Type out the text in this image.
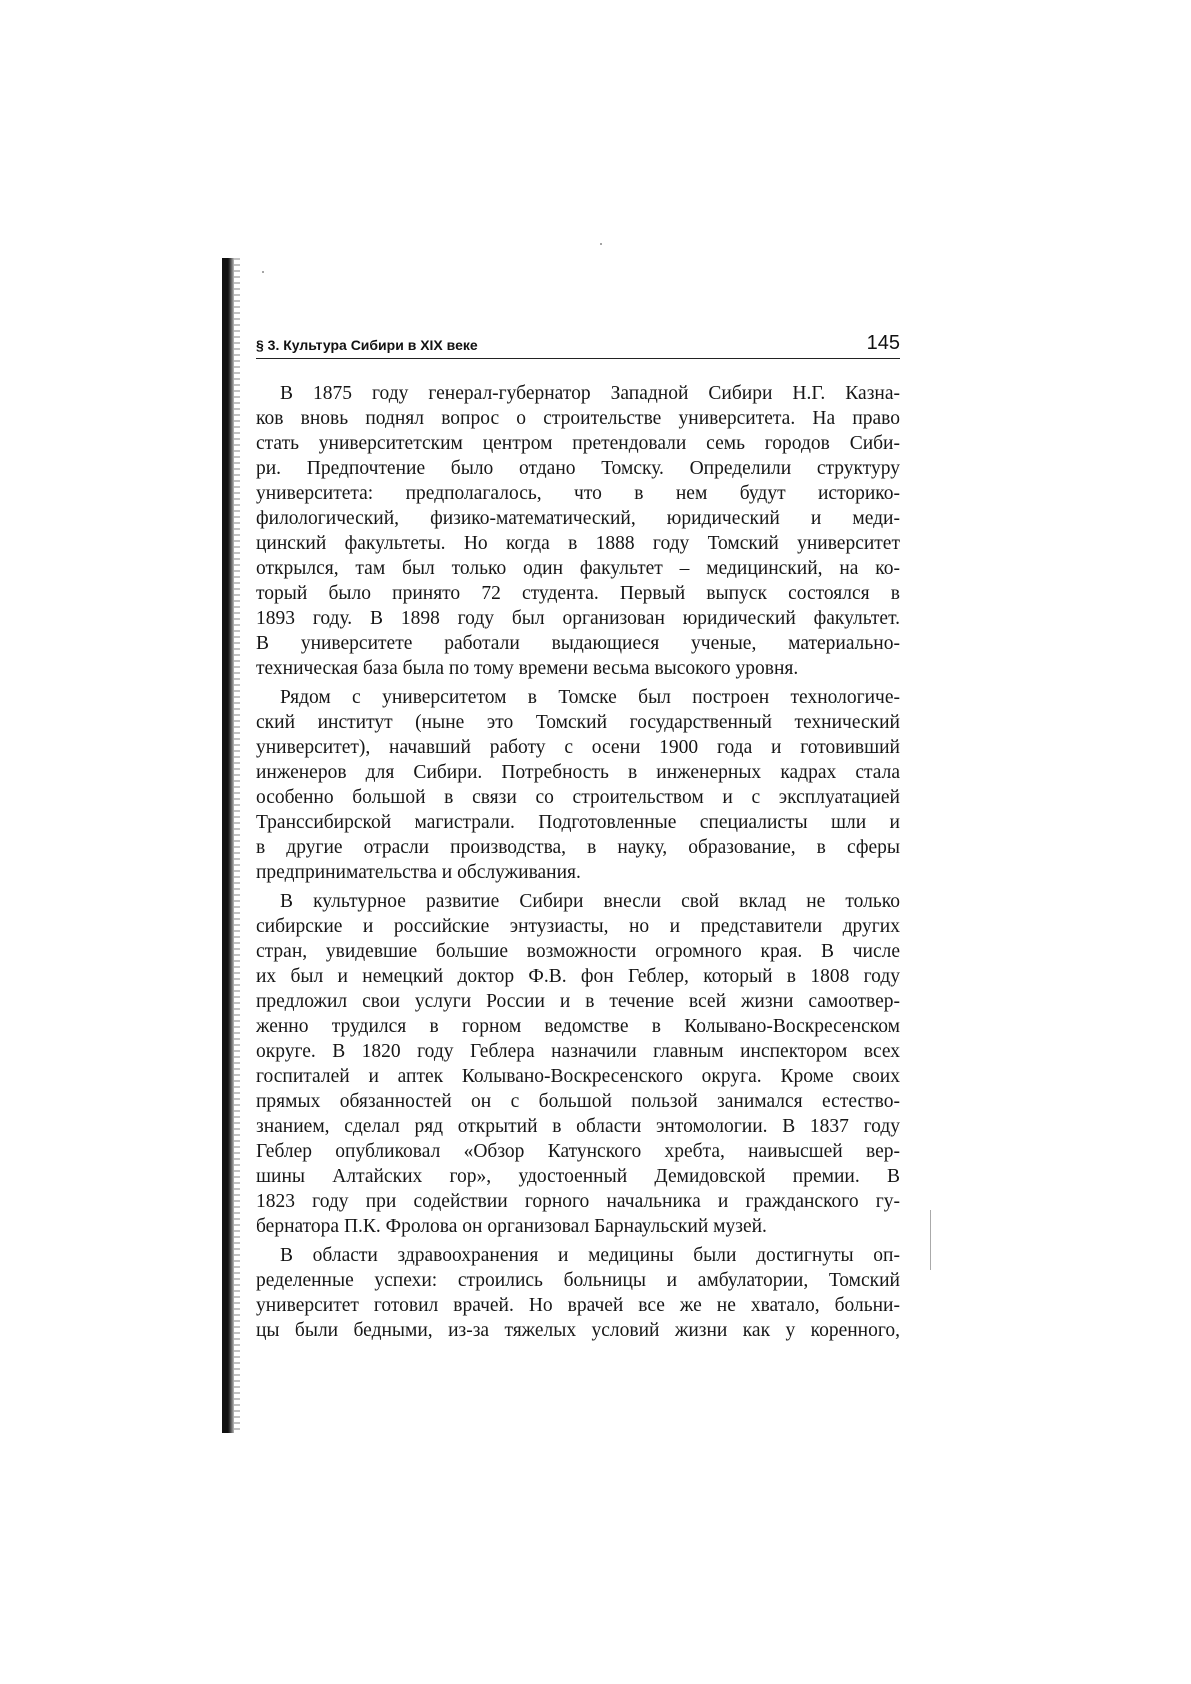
§ 3. Культура Сибири в XIX веке	145

В 1875 году генерал-губернатор Западной Сибири Н.Г. Казна-
ков вновь поднял вопрос о строительстве университета. На право
стать университетским центром претендовали семь городов Сиби-
ри. Предпочтение было отдано Томску. Определили структуру
университета: предполагалось, что в нем будут историко-
филологический, физико-математический, юридический и меди-
цинский факультеты. Но когда в 1888 году Томский университет
открылся, там был только один факультет – медицинский, на ко-
торый было принято 72 студента. Первый выпуск состоялся в
1893 году. В 1898 году был организован юридический факультет.
В университете работали выдающиеся ученые, материально-
техническая база была по тому времени весьма высокого уровня.

Рядом с университетом в Томске был построен технологиче-
ский институт (ныне это Томский государственный технический
университет), начавший работу с осени 1900 года и готовивший
инженеров для Сибири. Потребность в инженерных кадрах стала
особенно большой в связи со строительством и с эксплуатацией
Транссибирской магистрали. Подготовленные специалисты шли и
в другие отрасли производства, в науку, образование, в сферы
предпринимательства и обслуживания.

В культурное развитие Сибири внесли свой вклад не только
сибирские и российские энтузиасты, но и представители других
стран, увидевшие большие возможности огромного края. В числе
их был и немецкий доктор Ф.В. фон Геблер, который в 1808 году
предложил свои услуги России и в течение всей жизни самоотвер-
женно трудился в горном ведомстве в Колывано-Воскресенском
округе. В 1820 году Геблера назначили главным инспектором всех
госпиталей и аптек Колывано-Воскресенского округа. Кроме своих
прямых обязанностей он с большой пользой занимался естество-
знанием, сделал ряд открытий в области энтомологии. В 1837 году
Геблер опубликовал «Обзор Катунского хребта, наивысшей вер-
шины Алтайских гор», удостоенный Демидовской премии. В
1823 году при содействии горного начальника и гражданского гу-
бернатора П.К. Фролова он организовал Барнаульский музей.

В области здравоохранения и медицины были достигнуты оп-
ределенные успехи: строились больницы и амбулатории, Томский
университет готовил врачей. Но врачей все же не хватало, больни-
цы были бедными, из-за тяжелых условий жизни как у коренного,
